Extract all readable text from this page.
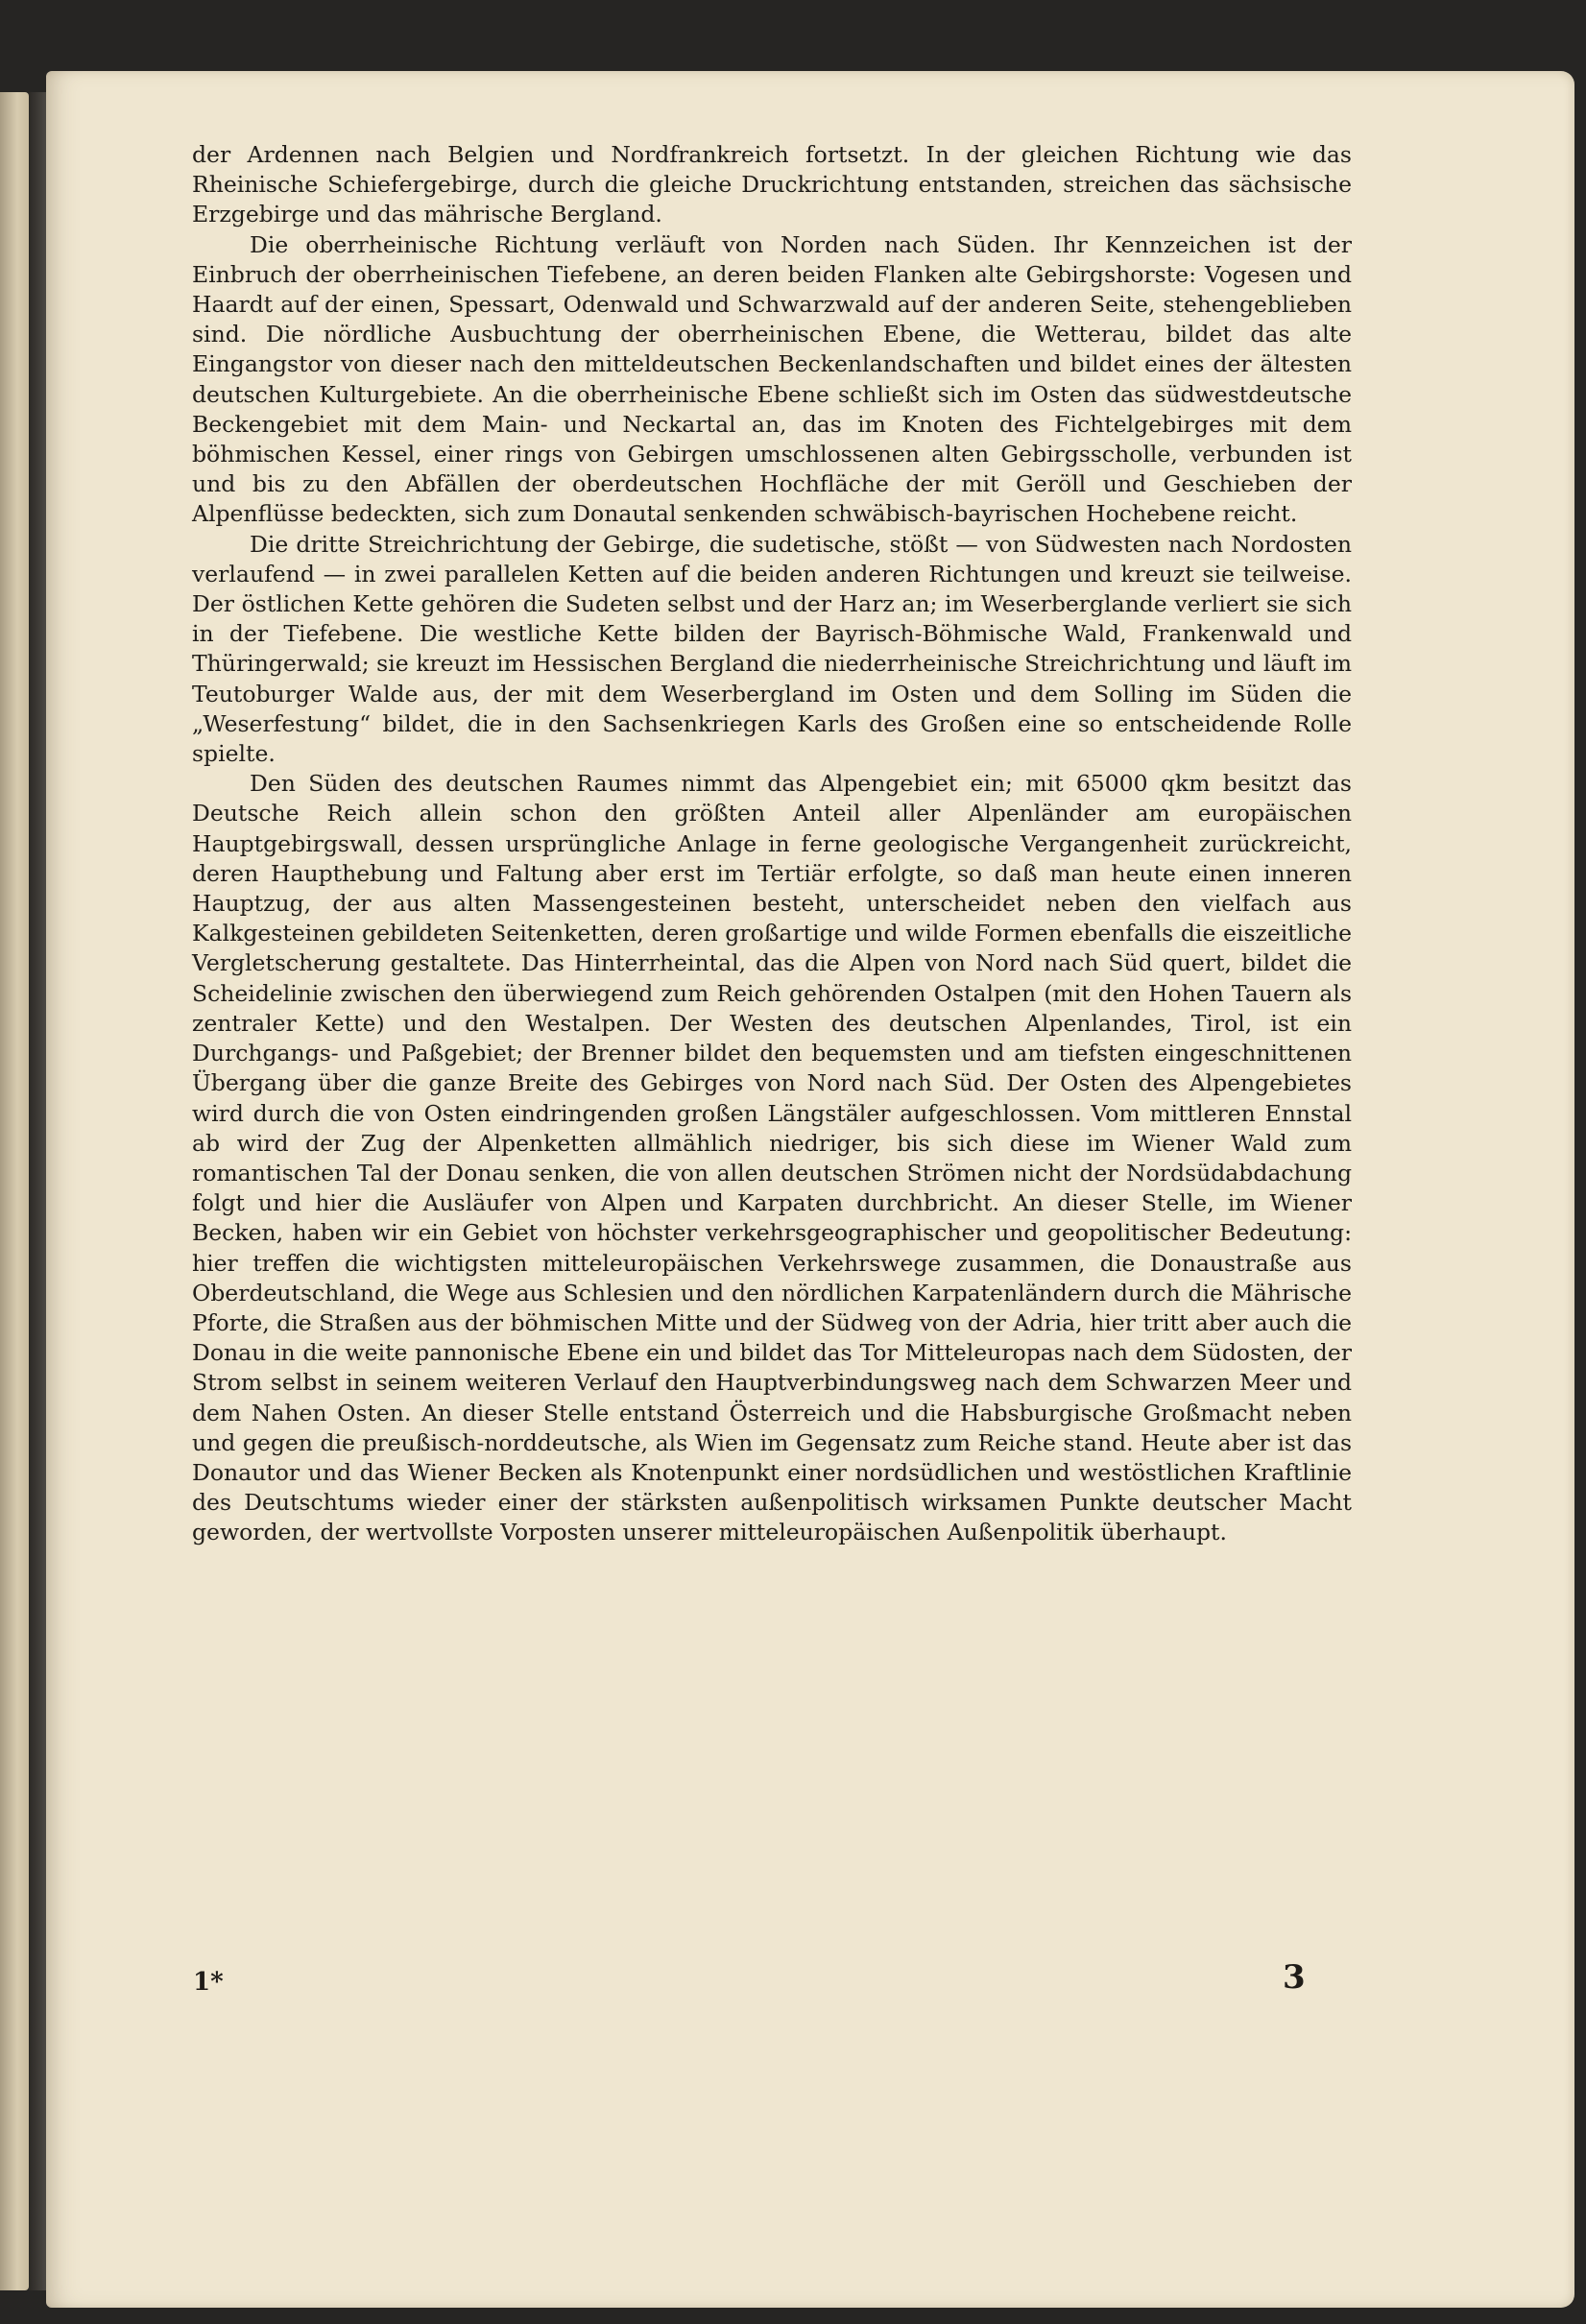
der Ardennen nach Belgien und Nordfrankreich fortsetzt. In der gleichen Richtung wie das Rheinische Schiefergebirge, durch die gleiche Druckrichtung entstanden, streichen das sächsische Erzgebirge und das mährische Bergland.

Die oberrheinische Richtung verläuft von Norden nach Süden. Ihr Kennzeichen ist der Einbruch der oberrheinischen Tiefebene, an deren beiden Flanken alte Gebirgshorste: Vogesen und Haardt auf der einen, Spessart, Odenwald und Schwarzwald auf der anderen Seite, stehengeblieben sind. Die nördliche Ausbuchtung der oberrheinischen Ebene, die Wetterau, bildet das alte Eingangstor von dieser nach den mitteldeutschen Beckenlandschaften und bildet eines der ältesten deutschen Kulturgebiete. An die oberrheinische Ebene schließt sich im Osten das südwestdeutsche Beckengebiet mit dem Main- und Neckartal an, das im Knoten des Fichtelgebirges mit dem böhmischen Kessel, einer rings von Gebirgen umschlossenen alten Gebirgsscholle, verbunden ist und bis zu den Abfällen der oberdeutschen Hochfläche der mit Geröll und Geschieben der Alpenflüsse bedeckten, sich zum Donautal senkenden schwäbisch-bayrischen Hochebene reicht.

Die dritte Streichrichtung der Gebirge, die sudetische, stößt — von Südwesten nach Nordosten verlaufend — in zwei parallelen Ketten auf die beiden anderen Richtungen und kreuzt sie teilweise. Der östlichen Kette gehören die Sudeten selbst und der Harz an; im Weserberglande verliert sie sich in der Tiefebene. Die westliche Kette bilden der Bayrisch-Böhmische Wald, Frankenwald und Thüringerwald; sie kreuzt im Hessischen Bergland die niederrheinische Streichrichtung und läuft im Teutoburger Walde aus, der mit dem Weserbergland im Osten und dem Solling im Süden die „Weserfestung“ bildet, die in den Sachsenkriegen Karls des Großen eine so entscheidende Rolle spielte.

Den Süden des deutschen Raumes nimmt das Alpengebiet ein; mit 65000 qkm besitzt das Deutsche Reich allein schon den größten Anteil aller Alpenländer am europäischen Hauptgebirgswall, dessen ursprüngliche Anlage in ferne geologische Vergangenheit zurückreicht, deren Haupthebung und Faltung aber erst im Tertiär erfolgte, so daß man heute einen inneren Hauptzug, der aus alten Massengesteinen besteht, unterscheidet neben den vielfach aus Kalkgesteinen gebildeten Seitenketten, deren großartige und wilde Formen ebenfalls die eiszeitliche Vergletscherung gestaltete. Das Hinterrheintal, das die Alpen von Nord nach Süd quert, bildet die Scheidelinie zwischen den überwiegend zum Reich gehörenden Ostalpen (mit den Hohen Tauern als zentraler Kette) und den Westalpen. Der Westen des deutschen Alpenlandes, Tirol, ist ein Durchgangs- und Paßgebiet; der Brenner bildet den bequemsten und am tiefsten eingeschnittenen Übergang über die ganze Breite des Gebirges von Nord nach Süd. Der Osten des Alpengebietes wird durch die von Osten eindringenden großen Längstäler aufgeschlossen. Vom mittleren Ennstal ab wird der Zug der Alpenketten allmählich niedriger, bis sich diese im Wiener Wald zum romantischen Tal der Donau senken, die von allen deutschen Strömen nicht der Nordsüdabdachung folgt und hier die Ausläufer von Alpen und Karpaten durchbricht. An dieser Stelle, im Wiener Becken, haben wir ein Gebiet von höchster verkehrsgeographischer und geopolitischer Bedeutung: hier treffen die wichtigsten mitteleuropäischen Verkehrswege zusammen, die Donaustraße aus Oberdeutschland, die Wege aus Schlesien und den nördlichen Karpatenländern durch die Mährische Pforte, die Straßen aus der böhmischen Mitte und der Südweg von der Adria, hier tritt aber auch die Donau in die weite pannonische Ebene ein und bildet das Tor Mitteleuropas nach dem Südosten, der Strom selbst in seinem weiteren Verlauf den Hauptverbindungsweg nach dem Schwarzen Meer und dem Nahen Osten. An dieser Stelle entstand Österreich und die Habsburgische Großmacht neben und gegen die preußisch-norddeutsche, als Wien im Gegensatz zum Reiche stand. Heute aber ist das Donautor und das Wiener Becken als Knotenpunkt einer nordsüdlichen und westöstlichen Kraftlinie des Deutschtums wieder einer der stärksten außenpolitisch wirksamen Punkte deutscher Macht geworden, der wertvollste Vorposten unserer mitteleuropäischen Außenpolitik überhaupt.

1*	3
